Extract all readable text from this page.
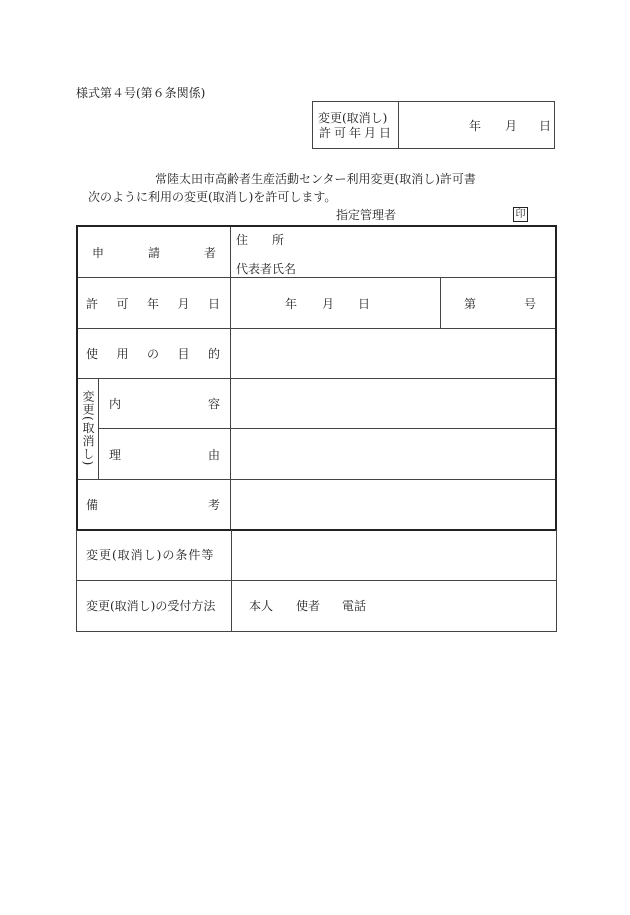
様式第４号(第６条関係)
変更(取消し)
許可年月日	年 月 日
常陸太田市高齢者生産活動センター利用変更(取消し)許可書
次のように利用の変更(取消し)を許可します。
指定管理者	印
申	請	者
住　　所
代表者氏名
許 可 年 月 日	年 月 日	第	号
使 用 の 目 的
変更(取消し) 内	容
理	由
備	考
変更(取消し)の条件等
変更(取消し)の受付方法	本人 使者 電話
